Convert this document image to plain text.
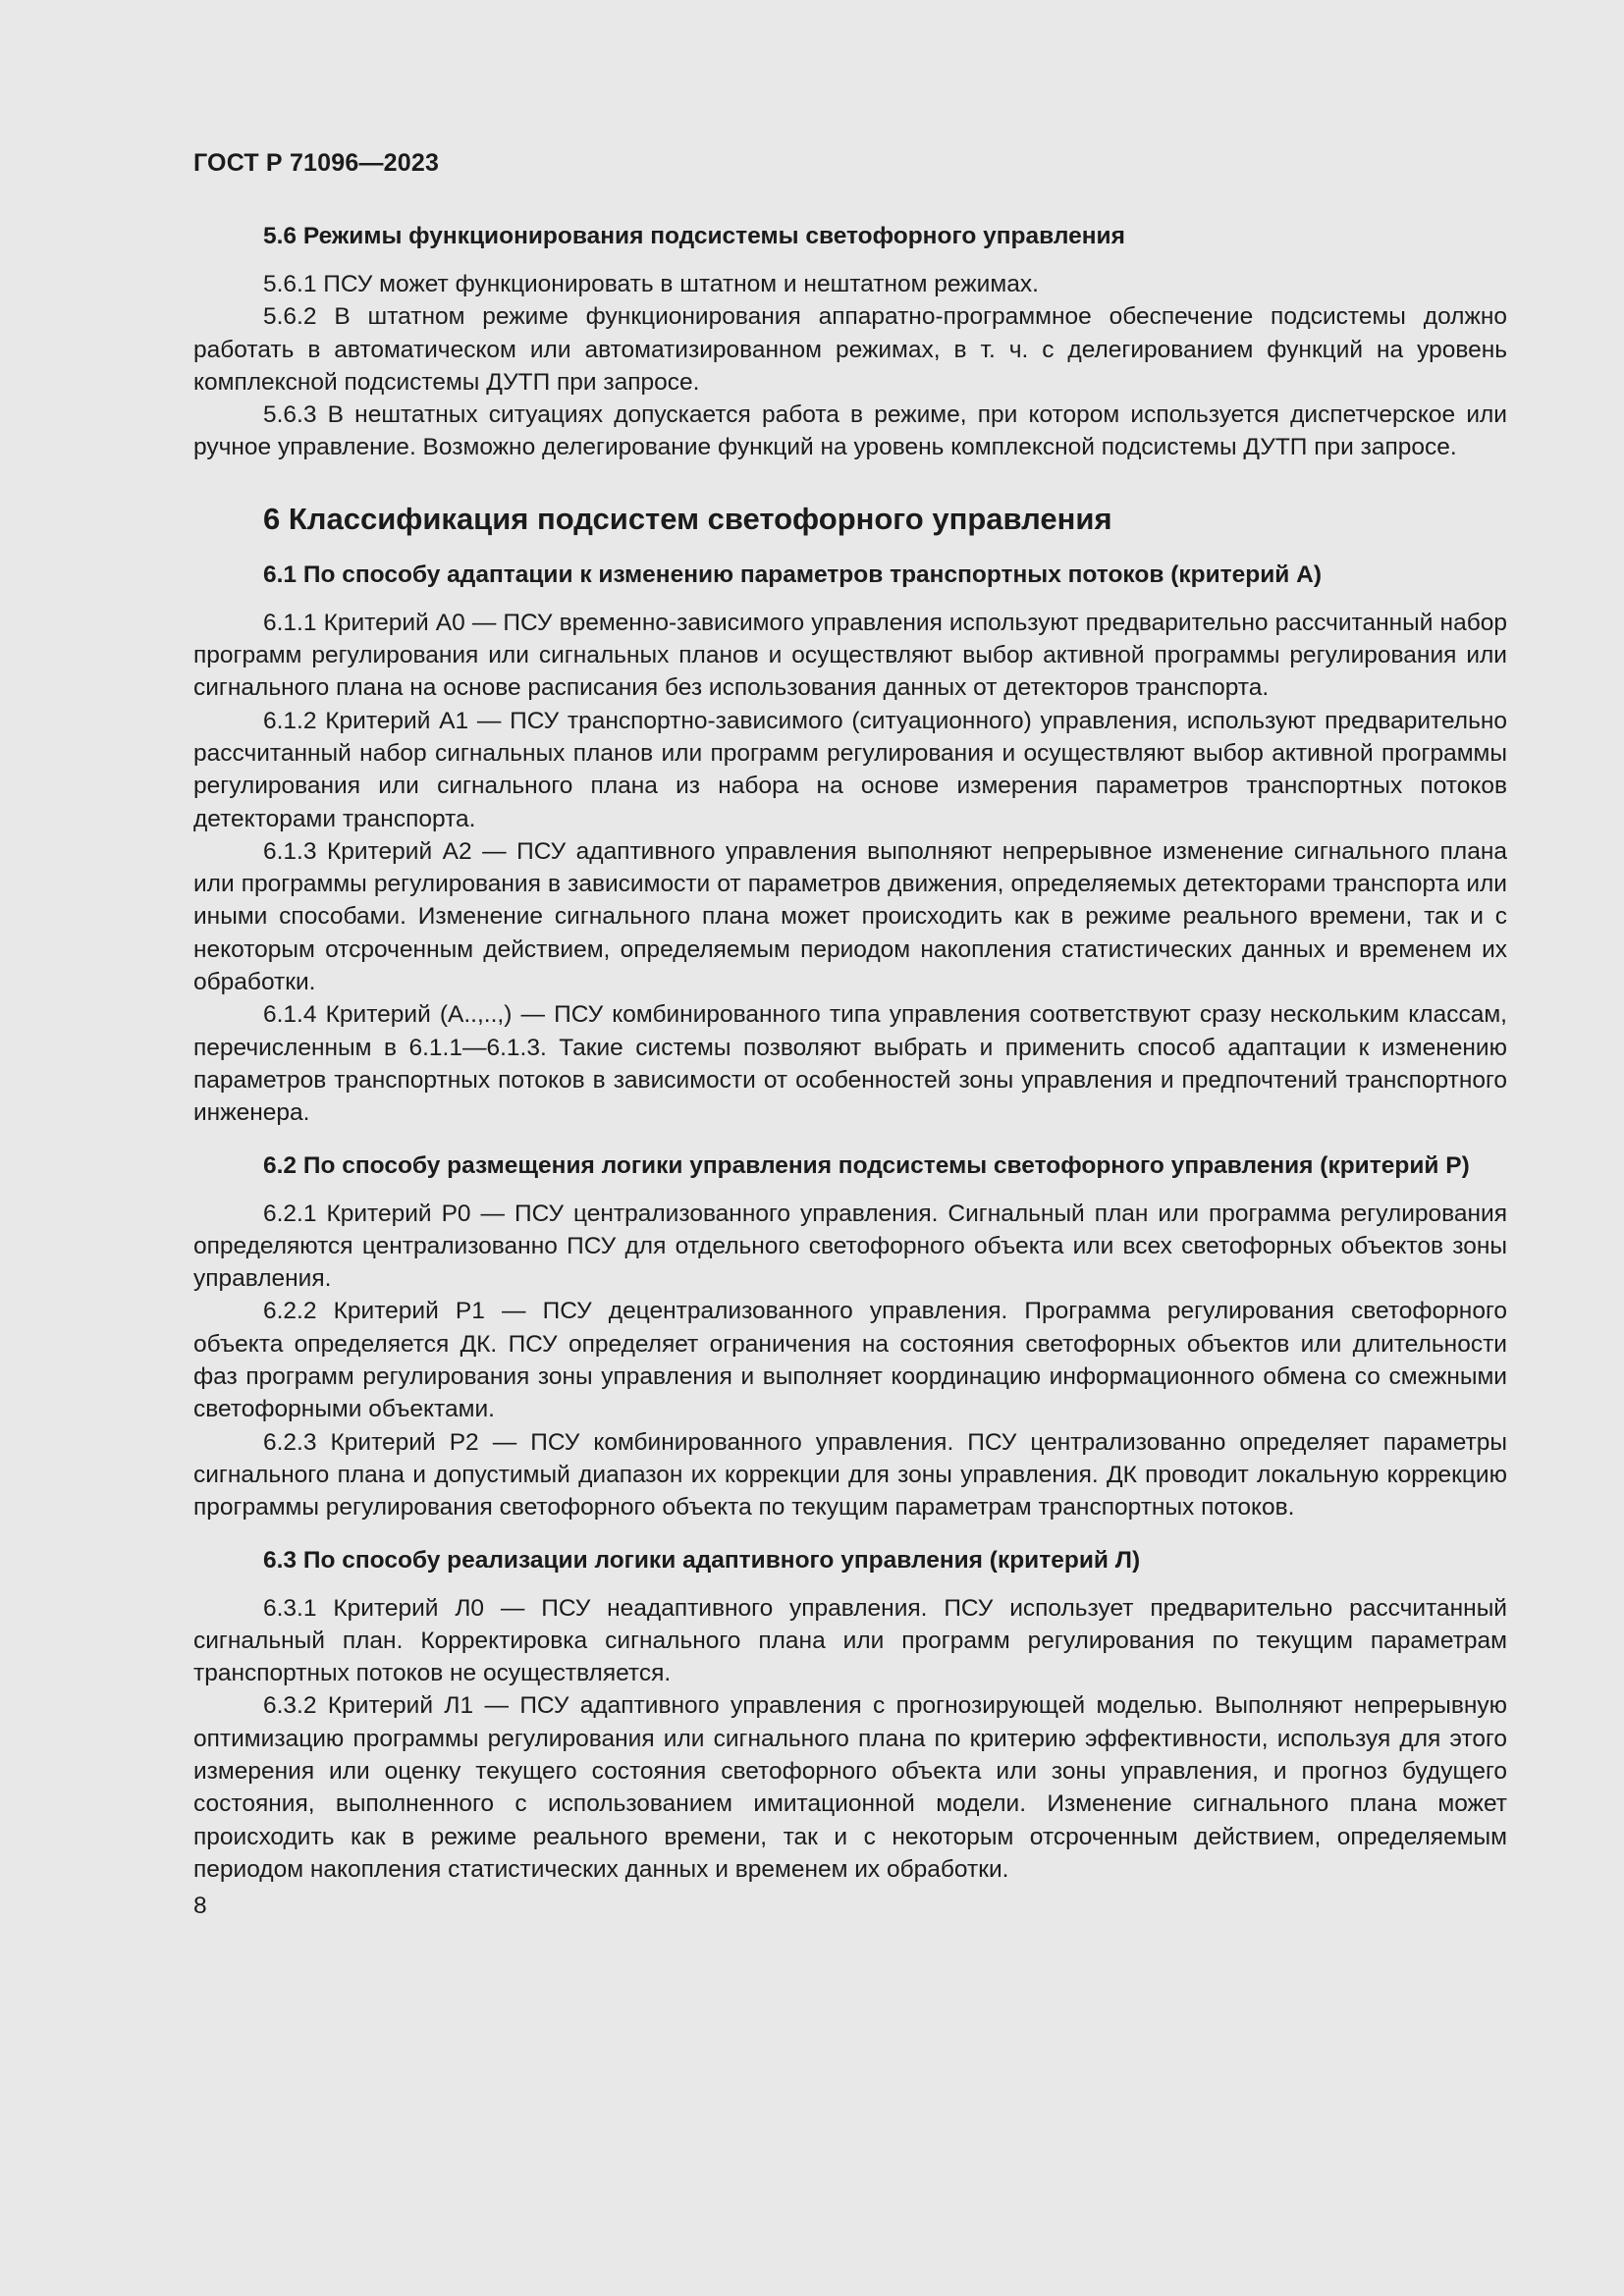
ГОСТ Р 71096—2023
5.6 Режимы функционирования подсистемы светофорного управления

5.6.1 ПСУ может функционировать в штатном и нештатном режимах.

5.6.2 В штатном режиме функционирования аппаратно-программное обеспечение подсистемы должно работать в автоматическом или автоматизированном режимах, в т. ч. с делегированием функций на уровень комплексной подсистемы ДУТП при запросе.

5.6.3 В нештатных ситуациях допускается работа в режиме, при котором используется диспетчерское или ручное управление. Возможно делегирование функций на уровень комплексной подсистемы ДУТП при запросе.

6 Классификация подсистем светофорного управления
6.1 По способу адаптации к изменению параметров транспортных потоков (критерий А)

6.1.1 Критерий А0 — ПСУ временно-зависимого управления используют предварительно рассчитанный набор программ регулирования или сигнальных планов и осуществляют выбор активной программы регулирования или сигнального плана на основе расписания без использования данных от детекторов транспорта.

6.1.2 Критерий А1 — ПСУ транспортно-зависимого (ситуационного) управления, используют предварительно рассчитанный набор сигнальных планов или программ регулирования и осуществляют выбор активной программы регулирования или сигнального плана из набора на основе измерения параметров транспортных потоков детекторами транспорта.

6.1.3 Критерий А2 — ПСУ адаптивного управления выполняют непрерывное изменение сигнального плана или программы регулирования в зависимости от параметров движения, определяемых детекторами транспорта или иными способами. Изменение сигнального плана может происходить как в режиме реального времени, так и с некоторым отсроченным действием, определяемым периодом накопления статистических данных и временем их обработки.

6.1.4 Критерий (А..,..,) — ПСУ комбинированного типа управления соответствуют сразу нескольким классам, перечисленным в 6.1.1—6.1.3. Такие системы позволяют выбрать и применить способ адаптации к изменению параметров транспортных потоков в зависимости от особенностей зоны управления и предпочтений транспортного инженера.

6.2 По способу размещения логики управления подсистемы светофорного управления (критерий Р)

6.2.1 Критерий Р0 — ПСУ централизованного управления. Сигнальный план или программа регулирования определяются централизованно ПСУ для отдельного светофорного объекта или всех светофорных объектов зоны управления.

6.2.2 Критерий Р1 — ПСУ децентрализованного управления. Программа регулирования светофорного объекта определяется ДК. ПСУ определяет ограничения на состояния светофорных объектов или длительности фаз программ регулирования зоны управления и выполняет координацию информационного обмена со смежными светофорными объектами.

6.2.3 Критерий Р2 — ПСУ комбинированного управления. ПСУ централизованно определяет параметры сигнального плана и допустимый диапазон их коррекции для зоны управления. ДК проводит локальную коррекцию программы регулирования светофорного объекта по текущим параметрам транспортных потоков.

6.3 По способу реализации логики адаптивного управления (критерий Л)

6.3.1 Критерий Л0 — ПСУ неадаптивного управления. ПСУ использует предварительно рассчитанный сигнальный план. Корректировка сигнального плана или программ регулирования по текущим параметрам транспортных потоков не осуществляется.

6.3.2 Критерий Л1 — ПСУ адаптивного управления с прогнозирующей моделью. Выполняют непрерывную оптимизацию программы регулирования или сигнального плана по критерию эффективности, используя для этого измерения или оценку текущего состояния светофорного объекта или зоны управления, и прогноз будущего состояния, выполненного с использованием имитационной модели. Изменение сигнального плана может происходить как в режиме реального времени, так и с некоторым отсроченным действием, определяемым периодом накопления статистических данных и временем их обработки.

8
